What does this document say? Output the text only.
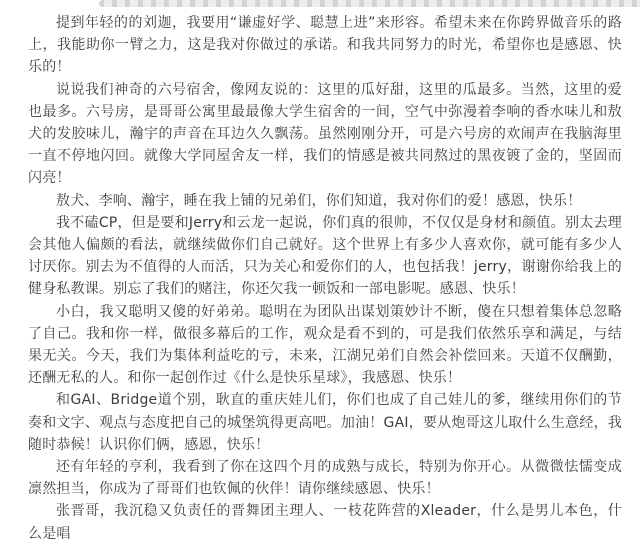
提到年轻的的刘迦，我要用“谦虚好学、聪慧上进”来形容。希望未来在你跨界做音乐的路上，我能助你一臂之力，这是我对你做过的承诺。和我共同努力的时光，希望你也是感恩、快乐的！

说说我们神奇的六号宿舍，像网友说的：这里的瓜好甜，这里的瓜最多。当然，这里的爱也最多。六号房，是哥哥公寓里最最像大学生宿舍的一间，空气中弥漫着李响的香水味儿和敖犬的发胶味儿，瀚宇的声音在耳边久久飘荡。虽然刚刚分开，可是六号房的欢闹声在我脑海里一直不停地闪回。就像大学同屋舍友一样，我们的情感是被共同熬过的黑夜镀了金的，坚固而闪亮！

敖犬、李响、瀚宇，睡在我上铺的兄弟们，你们知道，我对你们的爱！感恩，快乐！

我不磕CP，但是要和Jerry和云龙一起说，你们真的很帅，不仅仅是身材和颜值。别太去理会其他人偏颇的看法，就继续做你们自己就好。这个世界上有多少人喜欢你，就可能有多少人讨厌你。别去为不值得的人而活，只为关心和爱你们的人，也包括我！jerry，谢谢你给我上的健身私教课。别忘了我们的赌注，你还欠我一顿饭和一部电影呢。感恩、快乐！

小白，我又聪明又傻的好弟弟。聪明在为团队出谋划策妙计不断，傻在只想着集体总忽略了自己。我和你一样，做很多幕后的工作，观众是看不到的，可是我们依然乐享和满足，与结果无关。今天，我们为集体利益吃的亏，未来，江湖兄弟们自然会补偿回来。天道不仅酬勤，还酬无私的人。和你一起创作过《什么是快乐星球》，我感恩、快乐！

和GAI、Bridge道个别，耿直的重庆娃儿们，你们也成了自己娃儿的爹，继续用你们的节奏和文字、观点与态度把自己的城堡筑得更高吧。加油！GAI，要从炮哥这儿取什么生意经，我随时恭候！认识你们俩，感恩，快乐！

还有年轻的亨利，我看到了你在这四个月的成熟与成长，特别为你开心。从微微怯懦变成凛然担当，你成为了哥哥们也钦佩的伙伴！请你继续感恩、快乐！

张晋哥，我沉稳又负责任的晋舞团主理人、一枝花阵营的Xleader，什么是男儿本色，什么是唱
